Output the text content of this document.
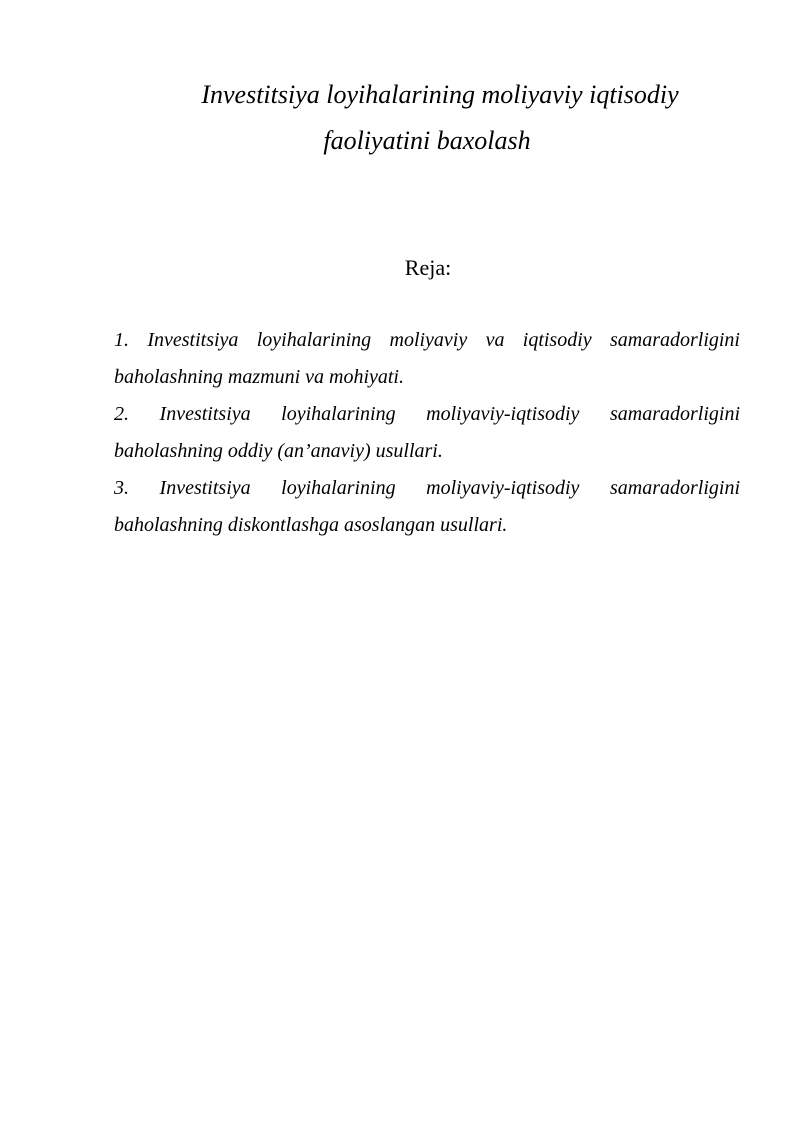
Investitsiya loyihalarining moliyaviy iqtisodiy
faoliyatini baxolash
Reja:
1. Investitsiya loyihalarining moliyaviy va iqtisodiy samaradorligini baholashning mazmuni va mohiyati.
2. Investitsiya loyihalarining moliyaviy-iqtisodiy samaradorligini baholashning oddiy (an’anaviy) usullari.
3. Investitsiya loyihalarining moliyaviy-iqtisodiy samaradorligini baholashning diskontlashga asoslangan usullari.
